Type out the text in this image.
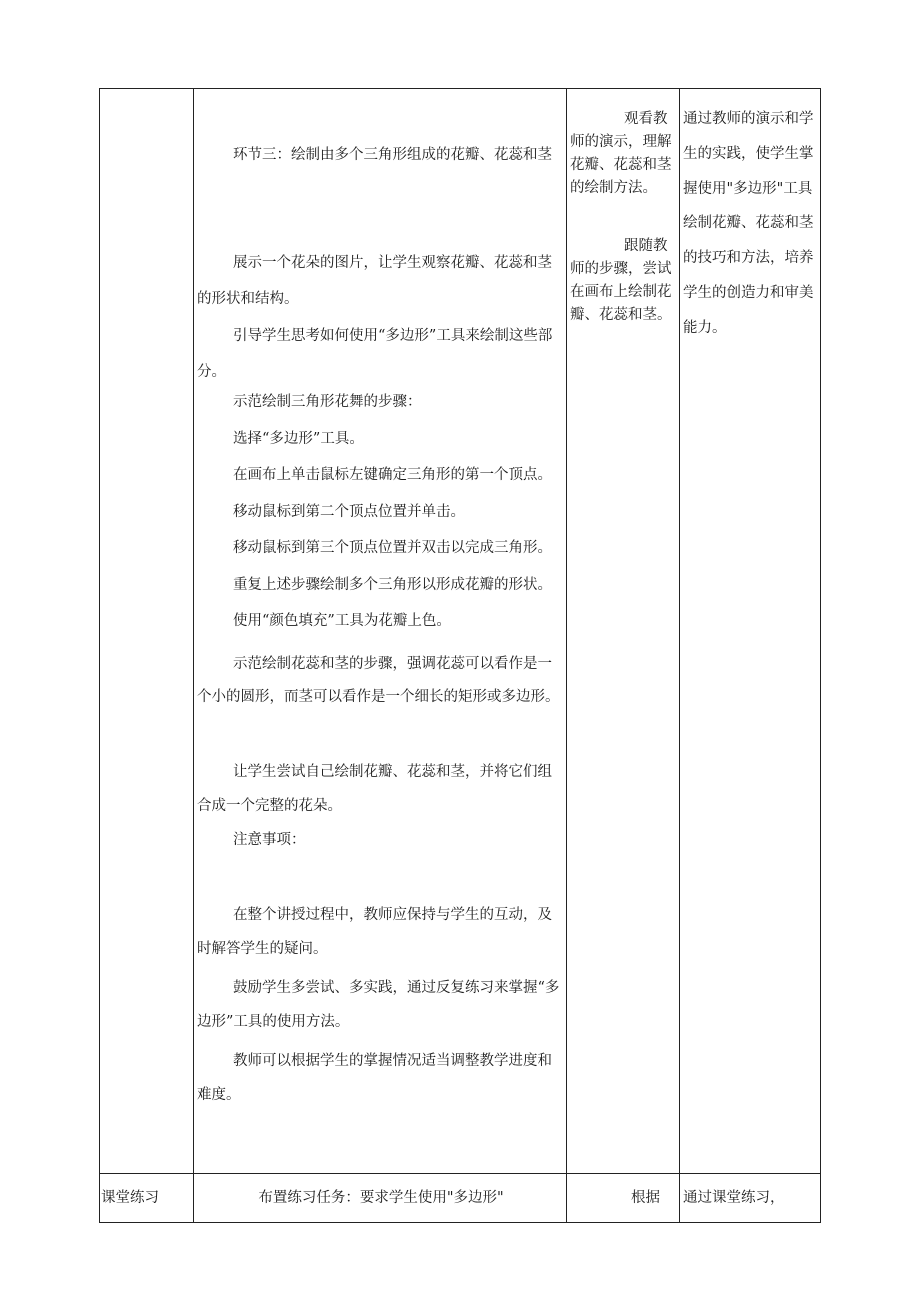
环节三：绘制由多个三角形组成的花瓣、花蕊和茎

展示一个花朵的图片，让学生观察花瓣、花蕊和茎的形状和结构。

引导学生思考如何使用“多边形”工具来绘制这些部分。

示范绘制三角形花舞的步骤：

选择“多边形”工具。

在画布上单击鼠标左键确定三角形的第一个顶点。

移动鼠标到第二个顶点位置并单击。

移动鼠标到第三个顶点位置并双击以完成三角形。

重复上述步骤绘制多个三角形以形成花瓣的形状。

使用“颜色填充”工具为花瓣上色。

示范绘制花蕊和茎的步骤，强调花蕊可以看作是一个小的圆形，而茎可以看作是一个细长的矩形或多边形。

让学生尝试自己绘制花瓣、花蕊和茎，并将它们组合成一个完整的花朵。

注意事项：

在整个讲授过程中，教师应保持与学生的互动，及时解答学生的疑问。

鼓励学生多尝试、多实践，通过反复练习来掌握“多边形”工具的使用方法。

教师可以根据学生的掌握情况适当调整教学进度和难度。

观看教师的演示，理解花瓣、花蕊和茎的绘制方法。

跟随教师的步骤，尝试在画布上绘制花瓣、花蕊和茎。

通过教师的演示和学生的实践，使学生掌握使用"多边形"工具绘制花瓣、花蕊和茎的技巧和方法，培养学生的创造力和审美能力。

课堂练习	布置练习任务：要求学生使用"多边形"	根据 通过课堂练习，
